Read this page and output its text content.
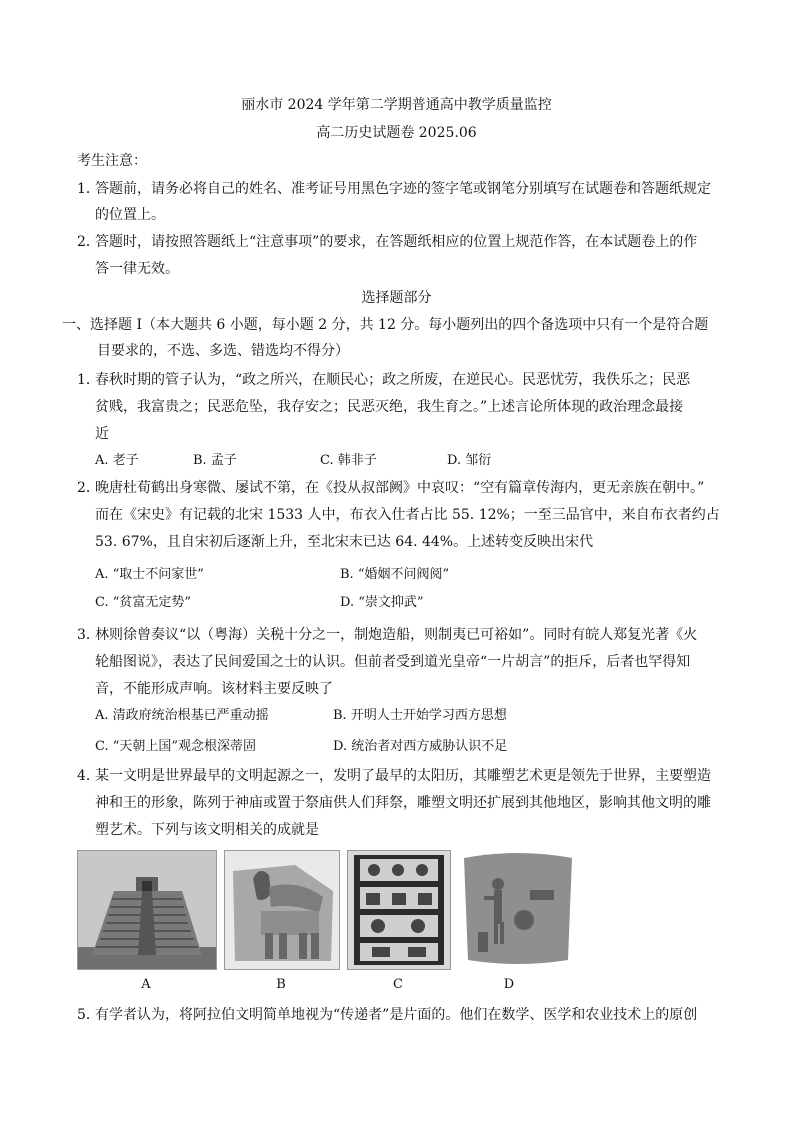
丽水市 2024 学年第二学期普通高中教学质量监控
高二历史试题卷 2025.06
考生注意：
1．
答题前，请务必将自己的姓名、准考证号用黑色字迹的签字笔或钢笔分别填写在试题卷和答题纸规定
的位置上。
2．
答题时，请按照答题纸上“注意事项”的要求，在答题纸相应的位置上规范作答，在本试题卷上的作
答一律无效。
选择题部分
一、选择题 I（本大题共 6 小题，每小题 2 分，共 12 分。每小题列出的四个备选项中只有一个是符合题
目要求的，不选、多选、错选均不得分）
1．
春秋时期的管子认为，“政之所兴，在顺民心；政之所废，在逆民心。民恶忧劳，我佚乐之；民恶
贫贱，我富贵之；民恶危坠，我存安之；民恶灭绝，我生育之。”上述言论所体现的政治理念最接
近
A. 老子	B. 孟子	C. 韩非子	D. 邹衍
2．
晚唐杜荀鹤出身寒微、屡试不第，在《投从叔部阙》中哀叹：“空有篇章传海内，更无亲族在朝中。”
而在《宋史》有记载的北宋 1533 人中，布衣入仕者占比 55. 12%；一至三品官中，来自布衣者约占
53. 67%，且自宋初后逐渐上升，至北宋末已达 64. 44%。上述转变反映出宋代
A. “取士不问家世”	B. “婚姻不问阀阅”
C. “贫富无定势”	D. “崇文抑武”
3．
林则徐曾奏议“以（粤海）关税十分之一，制炮造船，则制夷已可裕如”。同时有皖人郑复光著《火
轮船图说》，表达了民间爱国之士的认识。但前者受到道光皇帝“一片胡言”的拒斥，后者也罕得知
音，不能形成声响。该材料主要反映了
A. 清政府统治根基已严重动摇	B. 开明人士开始学习西方思想
C. “天朝上国”观念根深蒂固	D. 统治者对西方威胁认识不足
4．
某一文明是世界最早的文明起源之一，发明了最早的太阳历，其雕塑艺术更是领先于世界，主要塑造
神和王的形象，陈列于神庙或置于祭庙供人们拜祭，雕塑文明还扩展到其他地区，影响其他文明的雕
塑艺术。下列与该文明相关的成就是
A	B	C	D
5．
有学者认为，将阿拉伯文明简单地视为“传递者”是片面的。他们在数学、医学和农业技术上的原创
